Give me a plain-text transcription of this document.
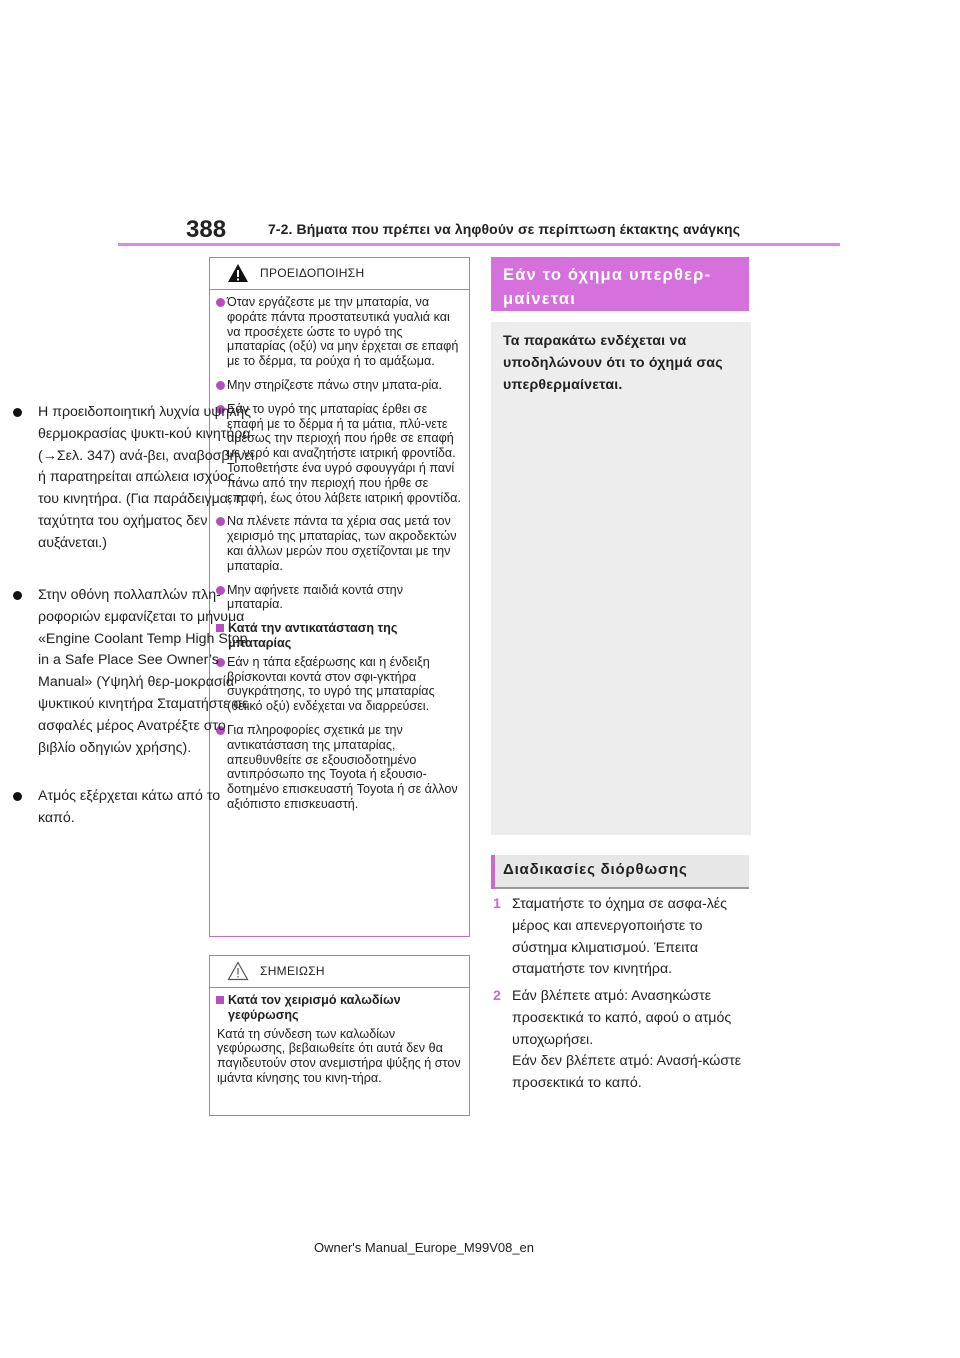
388	7-2. Βήματα που πρέπει να ληφθούν σε περίπτωση έκτακτης ανάγκης
ΠΡΟΕΙΔΟΠΟΙΗΣΗ
Όταν εργάζεστε με την μπαταρία, να φοράτε πάντα προστατευτικά γυαλιά και να προσέχετε ώστε το υγρό της μπαταρίας (οξύ) να μην έρχεται σε επαφή με το δέρμα, τα ρούχα ή το αμάξωμα.
Μην στηρίζεστε πάνω στην μπατα-ρία.
Εάν το υγρό της μπαταρίας έρθει σε επαφή με το δέρμα ή τα μάτια, πλύ-νετε αμέσως την περιοχή που ήρθε σε επαφή με νερό και αναζητήστε ιατρική φροντίδα. Τοποθετήστε ένα υγρό σφουγγάρι ή πανί πάνω από την περιοχή που ήρθε σε επαφή, έως ότου λάβετε ιατρική φροντίδα.
Να πλένετε πάντα τα χέρια σας μετά τον χειρισμό της μπαταρίας, των ακροδεκτών και άλλων μερών που σχετίζονται με την μπαταρία.
Μην αφήνετε παιδιά κοντά στην μπαταρία.
Κατά την αντικατάσταση της μπαταρίας
Εάν η τάπα εξαέρωσης και η ένδειξη βρίσκονται κοντά στον σφι-γκτήρα συγκράτησης, το υγρό της μπαταρίας (θειικό οξύ) ενδέχεται να διαρρεύσει.
Για πληροφορίες σχετικά με την αντικατάσταση της μπαταρίας, απευθυνθείτε σε εξουσιοδοτημένο αντιπρόσωπο της Toyota ή εξουσιο-δοτημένο επισκευαστή Toyota ή σε άλλον αξιόπιστο επισκευαστή.
ΣΗΜΕΙΩΣΗ
Κατά τον χειρισμό καλωδίων γεφύρωσης
Κατά τη σύνδεση των καλωδίων γεφύρωσης, βεβαιωθείτε ότι αυτά δεν θα παγιδευτούν στον ανεμιστήρα ψύξης ή στον ιμάντα κίνησης του κινη-τήρα.
Εάν το όχημα υπερθερ-μαίνεται
Τα παρακάτω ενδέχεται να υποδηλώνουν ότι το όχημά σας υπερθερμαίνεται.
Η προειδοποιητική λυχνία υψηλής θερμοκρασίας ψυκτι-κού κινητήρα (→Σελ. 347) ανά-βει, αναβοσβήνει ή παρατηρείται απώλεια ισχύος του κινητήρα. (Για παράδειγμα, η ταχύτητα του οχήματος δεν αυξάνεται.)
Στην οθόνη πολλαπλών πλη-ροφοριών εμφανίζεται το μήνυμα «Engine Coolant Temp High Stop in a Safe Place See Owner’s Manual» (Υψηλή θερ-μοκρασία ψυκτικού κινητήρα Σταματήστε σε ασφαλές μέρος Ανατρέξτε στο βιβλίο οδηγιών χρήσης).
Ατμός εξέρχεται κάτω από το καπό.
Διαδικασίες διόρθωσης
1 Σταματήστε το όχημα σε ασφα-λές μέρος και απενεργοποιήστε το σύστημα κλιματισμού. Έπειτα σταματήστε τον κινητήρα.
2 Εάν βλέπετε ατμό: Ανασηκώστε προσεκτικά το καπό, αφού ο ατμός υποχωρήσει.
Εάν δεν βλέπετε ατμό: Ανασή-κώστε προσεκτικά το καπό.
Owner's Manual_Europe_M99V08_en
